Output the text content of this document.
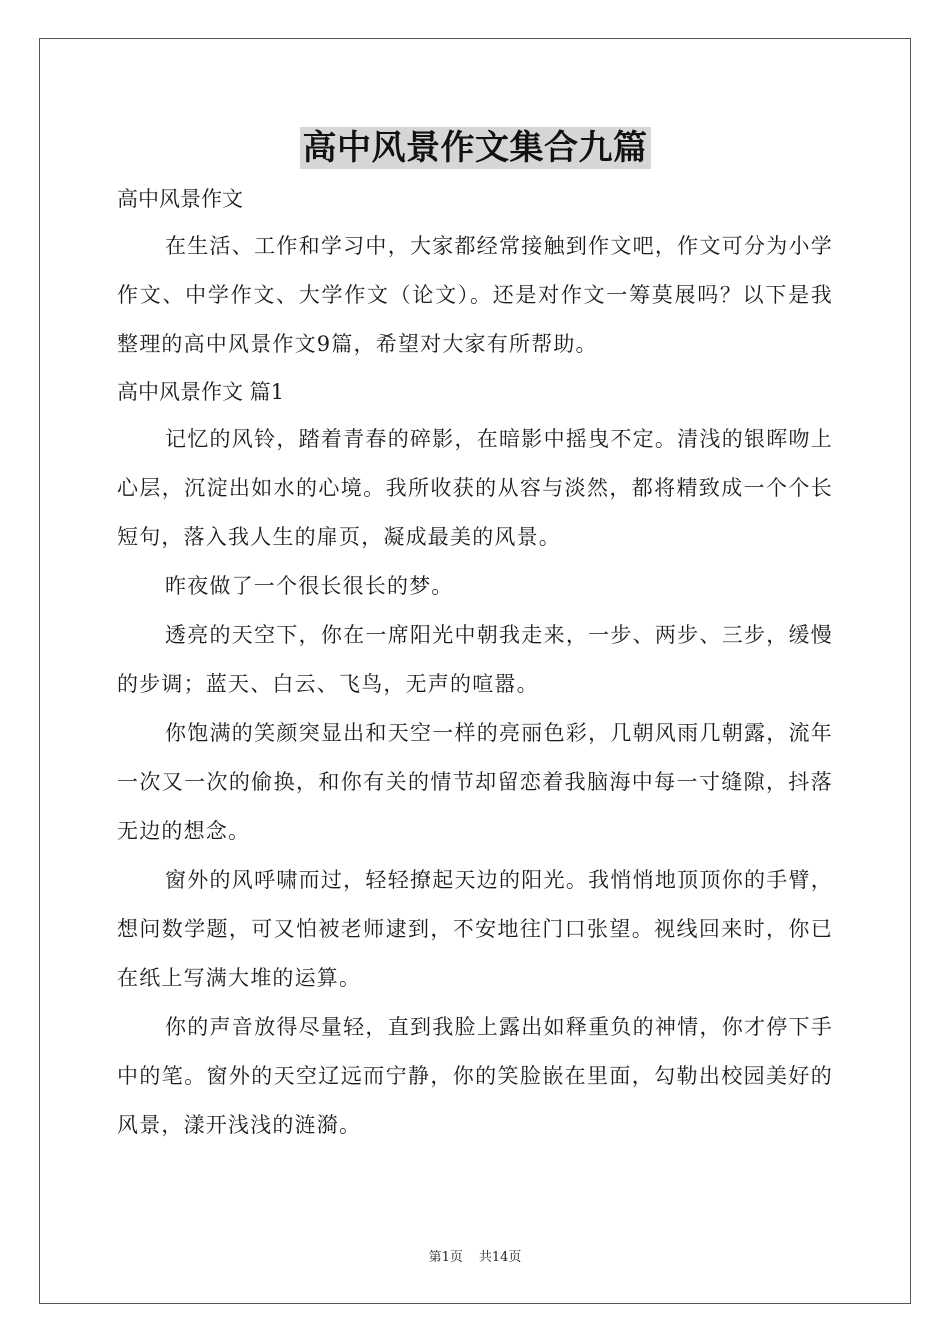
高中风景作文集合九篇

高中风景作文

在生活、工作和学习中，大家都经常接触到作文吧，作文可分为小学作文、中学作文、大学作文（论文）。还是对作文一筹莫展吗？以下是我整理的高中风景作文9篇，希望对大家有所帮助。

高中风景作文 篇1

记忆的风铃，踏着青春的碎影，在暗影中摇曳不定。清浅的银晖吻上心层，沉淀出如水的心境。我所收获的从容与淡然，都将精致成一个个长短句，落入我人生的扉页，凝成最美的风景。

昨夜做了一个很长很长的梦。

透亮的天空下，你在一席阳光中朝我走来，一步、两步、三步，缓慢的步调；蓝天、白云、飞鸟，无声的喧嚣。

你饱满的笑颜突显出和天空一样的亮丽色彩，几朝风雨几朝露，流年一次又一次的偷换，和你有关的情节却留恋着我脑海中每一寸缝隙，抖落无边的想念。

窗外的风呼啸而过，轻轻撩起天边的阳光。我悄悄地顶顶你的手臂，想问数学题，可又怕被老师逮到，不安地往门口张望。视线回来时，你已在纸上写满大堆的运算。

你的声音放得尽量轻，直到我脸上露出如释重负的神情，你才停下手中的笔。窗外的天空辽远而宁静，你的笑脸嵌在里面，勾勒出校园美好的风景，漾开浅浅的涟漪。

第1页 共14页
